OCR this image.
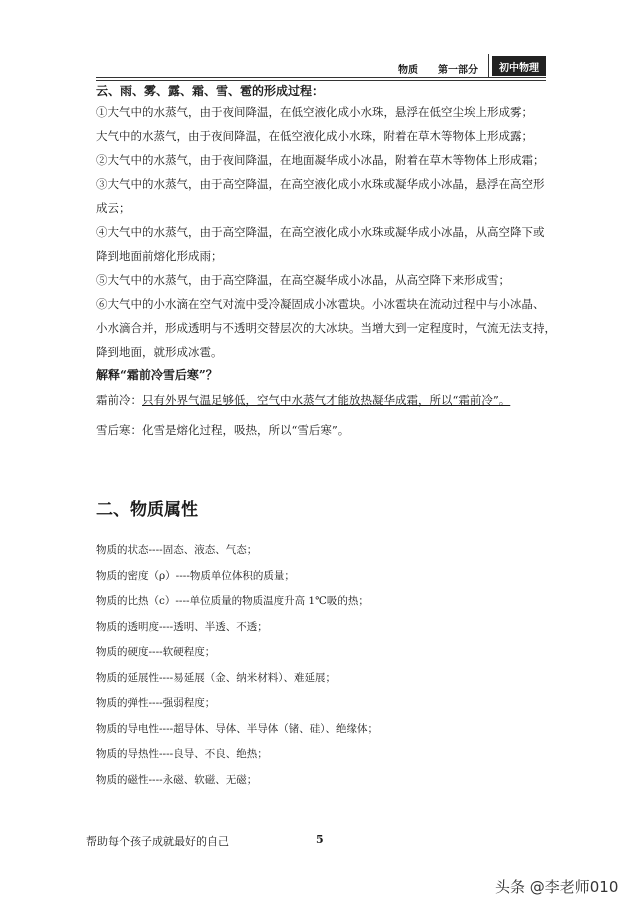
物质 第一部分	初中物理
云、雨、雾、露、霜、雪、雹的形成过程：
①大气中的水蒸气，由于夜间降温，在低空液化成小水珠，悬浮在低空尘埃上形成雾；
大气中的水蒸气，由于夜间降温，在低空液化成小水珠，附着在草木等物体上形成露；
②大气中的水蒸气，由于夜间降温，在地面凝华成小冰晶，附着在草木等物体上形成霜；
③大气中的水蒸气，由于高空降温，在高空液化成小水珠或凝华成小冰晶，悬浮在高空形
成云；
④大气中的水蒸气，由于高空降温，在高空液化成小水珠或凝华成小冰晶，从高空降下或
降到地面前熔化形成雨；
⑤大气中的水蒸气，由于高空降温，在高空凝华成小冰晶，从高空降下来形成雪；
⑥大气中的小水滴在空气对流中受冷凝固成小冰雹块。小冰雹块在流动过程中与小冰晶、
小水滴合并，形成透明与不透明交替层次的大冰块。当增大到一定程度时，气流无法支持，
降到地面，就形成冰雹。
解释“霜前冷雪后寒”？
霜前冷：只有外界气温足够低，空气中水蒸气才能放热凝华成霜，所以“霜前冷”。
雪后寒：化雪是熔化过程，吸热，所以“雪后寒”。
二、物质属性
物质的状态----固态、液态、气态；
物质的密度（ρ）----物质单位体积的质量；
物质的比热（c）----单位质量的物质温度升高 1℃吸的热；
物质的透明度----透明、半透、不透；
物质的硬度----软硬程度；
物质的延展性----易延展（金、纳米材料）、难延展；
物质的弹性----强弱程度；
物质的导电性----超导体、导体、半导体（锗、硅）、绝缘体；
物质的导热性----良导、不良、绝热；
物质的磁性----永磁、软磁、无磁；
帮助每个孩子成就最好的自己	5
头条 @李老师010
